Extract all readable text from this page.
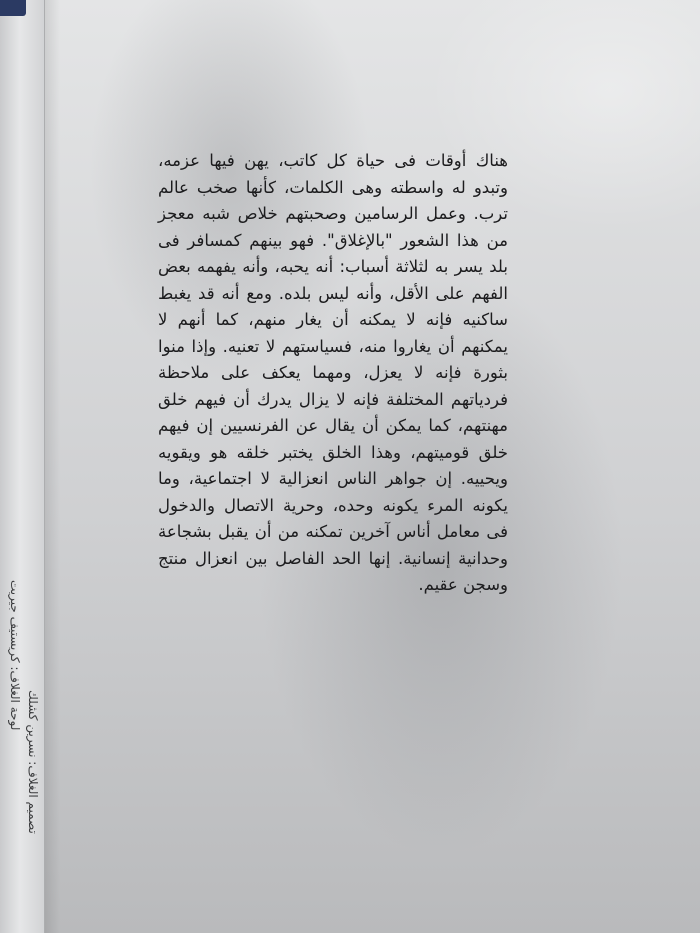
لوحة الغلاف: كريستيف جيريت
تصميم الغلاف: نسرين كشلك
هناك أوقات فى حياة كل كاتب، يهن فيها عزمه،
وتبدو له واسطته وهى الكلمات، كأنها صخب عالم
ترب. وعمل الرسامين وصحبتهم خلاص شبه معجز
من هذا الشعور "بالإغلاق". فهو بينهم كمسافر فى
بلد يسر به لثلاثة أسباب: أنه يحبه، وأنه يفهمه بعض
الفهم على الأقل، وأنه ليس بلده. ومع أنه قد يغبط
ساكنيه فإنه لا يمكنه أن يغار منهم، كما أنهم لا
يمكنهم أن يغاروا منه، فسياستهم لا تعنيه. وإذا منوا
بثورة فإنه لا يعزل، ومهما يعكف على ملاحظة
فردياتهم المختلفة فإنه لا يزال يدرك أن فيهم خلق
مهنتهم، كما يمكن أن يقال عن الفرنسيين إن فيهم
خلق قوميتهم، وهذا الخلق يختبر خلقه هو ويقويه
ويحييه. إن جواهر الناس انعزالية لا اجتماعية، وما
يكونه المرء يكونه وحده، وحرية الاتصال والدخول
فى معامل أناس آخرين تمكنه من أن يقبل بشجاعة
وحدانية إنسانية. إنها الحد الفاصل بين انعزال منتج
وسجن عقيم.
